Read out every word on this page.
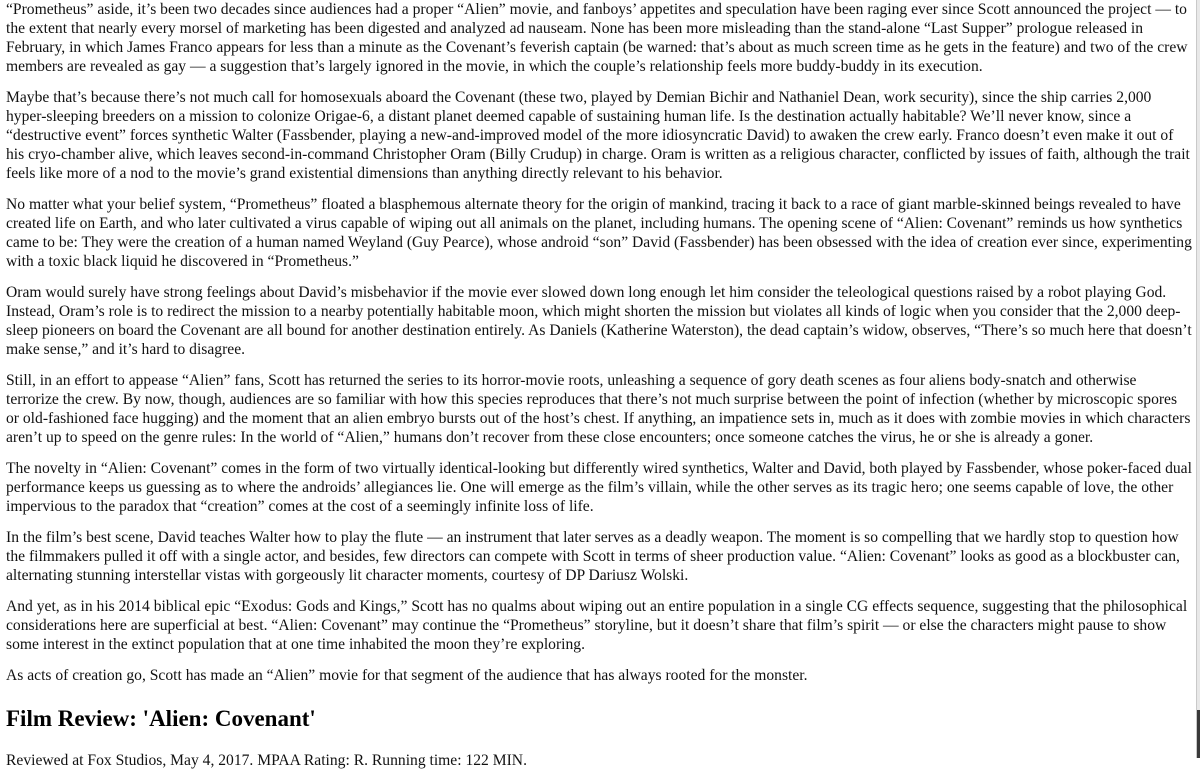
“Prometheus” aside, it’s been two decades since audiences had a proper “Alien” movie, and fanboys’ appetites and speculation have been raging ever since Scott announced the project — to the extent that nearly every morsel of marketing has been digested and analyzed ad nauseam. None has been more misleading than the stand-alone “Last Supper” prologue released in February, in which James Franco appears for less than a minute as the Covenant’s feverish captain (be warned: that’s about as much screen time as he gets in the feature) and two of the crew members are revealed as gay — a suggestion that’s largely ignored in the movie, in which the couple’s relationship feels more buddy-buddy in its execution.

Maybe that’s because there’s not much call for homosexuals aboard the Covenant (these two, played by Demian Bichir and Nathaniel Dean, work security), since the ship carries 2,000 hyper-sleeping breeders on a mission to colonize Origae-6, a distant planet deemed capable of sustaining human life. Is the destination actually habitable? We’ll never know, since a “destructive event” forces synthetic Walter (Fassbender, playing a new-and-improved model of the more idiosyncratic David) to awaken the crew early. Franco doesn’t even make it out of his cryo-chamber alive, which leaves second-in-command Christopher Oram (Billy Crudup) in charge. Oram is written as a religious character, conflicted by issues of faith, although the trait feels like more of a nod to the movie’s grand existential dimensions than anything directly relevant to his behavior.

No matter what your belief system, “Prometheus” floated a blasphemous alternate theory for the origin of mankind, tracing it back to a race of giant marble-skinned beings revealed to have created life on Earth, and who later cultivated a virus capable of wiping out all animals on the planet, including humans. The opening scene of “Alien: Covenant” reminds us how synthetics came to be: They were the creation of a human named Weyland (Guy Pearce), whose android “son” David (Fassbender) has been obsessed with the idea of creation ever since, experimenting with a toxic black liquid he discovered in “Prometheus.”

Oram would surely have strong feelings about David’s misbehavior if the movie ever slowed down long enough let him consider the teleological questions raised by a robot playing God. Instead, Oram’s role is to redirect the mission to a nearby potentially habitable moon, which might shorten the mission but violates all kinds of logic when you consider that the 2,000 deep-sleep pioneers on board the Covenant are all bound for another destination entirely. As Daniels (Katherine Waterston), the dead captain’s widow, observes, “There’s so much here that doesn’t make sense,” and it’s hard to disagree.

Still, in an effort to appease “Alien” fans, Scott has returned the series to its horror-movie roots, unleashing a sequence of gory death scenes as four aliens body-snatch and otherwise terrorize the crew. By now, though, audiences are so familiar with how this species reproduces that there’s not much surprise between the point of infection (whether by microscopic spores or old-fashioned face hugging) and the moment that an alien embryo bursts out of the host’s chest. If anything, an impatience sets in, much as it does with zombie movies in which characters aren’t up to speed on the genre rules: In the world of “Alien,” humans don’t recover from these close encounters; once someone catches the virus, he or she is already a goner.

The novelty in “Alien: Covenant” comes in the form of two virtually identical-looking but differently wired synthetics, Walter and David, both played by Fassbender, whose poker-faced dual performance keeps us guessing as to where the androids’ allegiances lie. One will emerge as the film’s villain, while the other serves as its tragic hero; one seems capable of love, the other impervious to the paradox that “creation” comes at the cost of a seemingly infinite loss of life.

In the film’s best scene, David teaches Walter how to play the flute — an instrument that later serves as a deadly weapon. The moment is so compelling that we hardly stop to question how the filmmakers pulled it off with a single actor, and besides, few directors can compete with Scott in terms of sheer production value. “Alien: Covenant” looks as good as a blockbuster can, alternating stunning interstellar vistas with gorgeously lit character moments, courtesy of DP Dariusz Wolski.

And yet, as in his 2014 biblical epic “Exodus: Gods and Kings,” Scott has no qualms about wiping out an entire population in a single CG effects sequence, suggesting that the philosophical considerations here are superficial at best. “Alien: Covenant” may continue the “Prometheus” storyline, but it doesn’t share that film’s spirit — or else the characters might pause to show some interest in the extinct population that at one time inhabited the moon they’re exploring.

As acts of creation go, Scott has made an “Alien” movie for that segment of the audience that has always rooted for the monster.

Film Review: 'Alien: Covenant'

Reviewed at Fox Studios, May 4, 2017. MPAA Rating: R. Running time: 122 MIN.
